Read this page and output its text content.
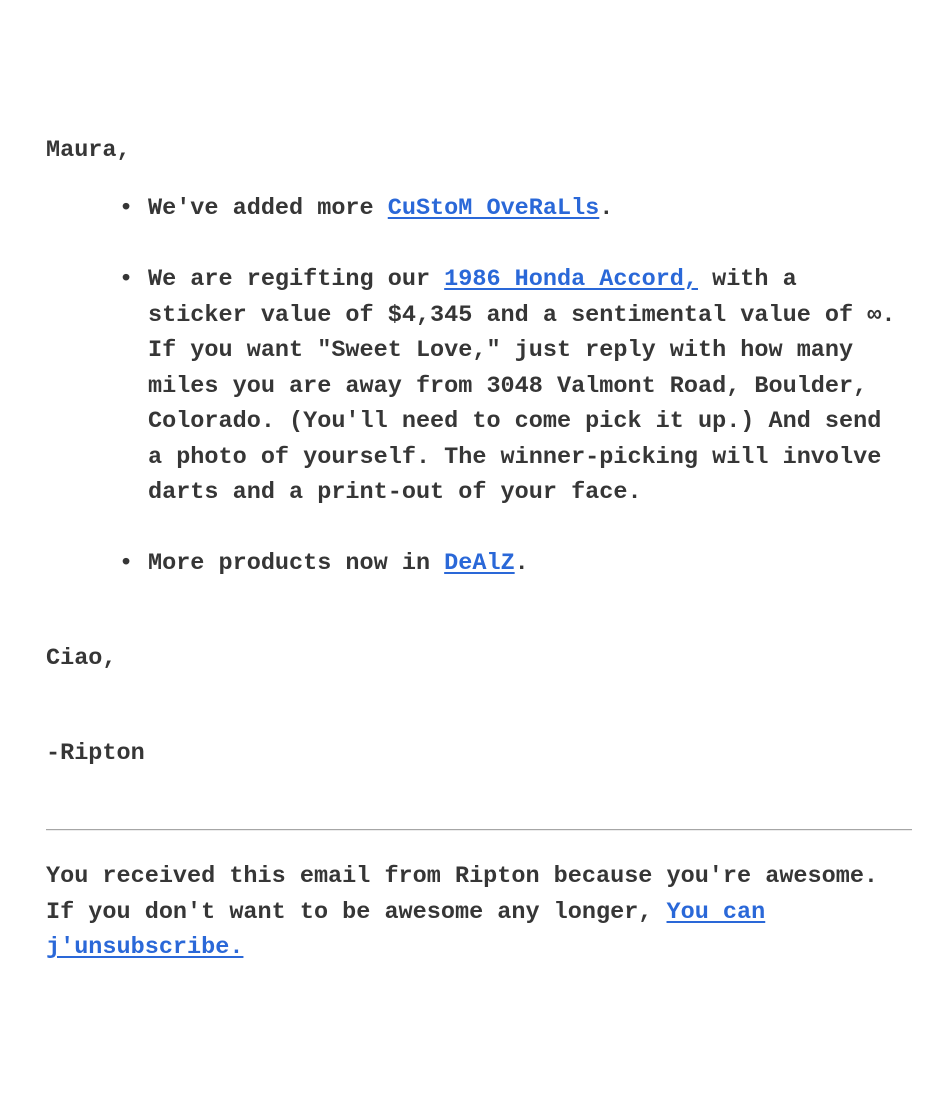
Maura,

• We've added more CuStoM OveRaLls.
• We are regifting our 1986 Honda Accord, with a sticker value of $4,345 and a sentimental value of ∞. If you want "Sweet Love," just reply with how many miles you are away from 3048 Valmont Road, Boulder, Colorado. (You'll need to come pick it up.) And send a photo of yourself. The winner-picking will involve darts and a print-out of your face.
• More products now in DeAlZ.

Ciao,

-Ripton

You received this email from Ripton because you're awesome. If you don't want to be awesome any longer, You can j'unsubscribe.
